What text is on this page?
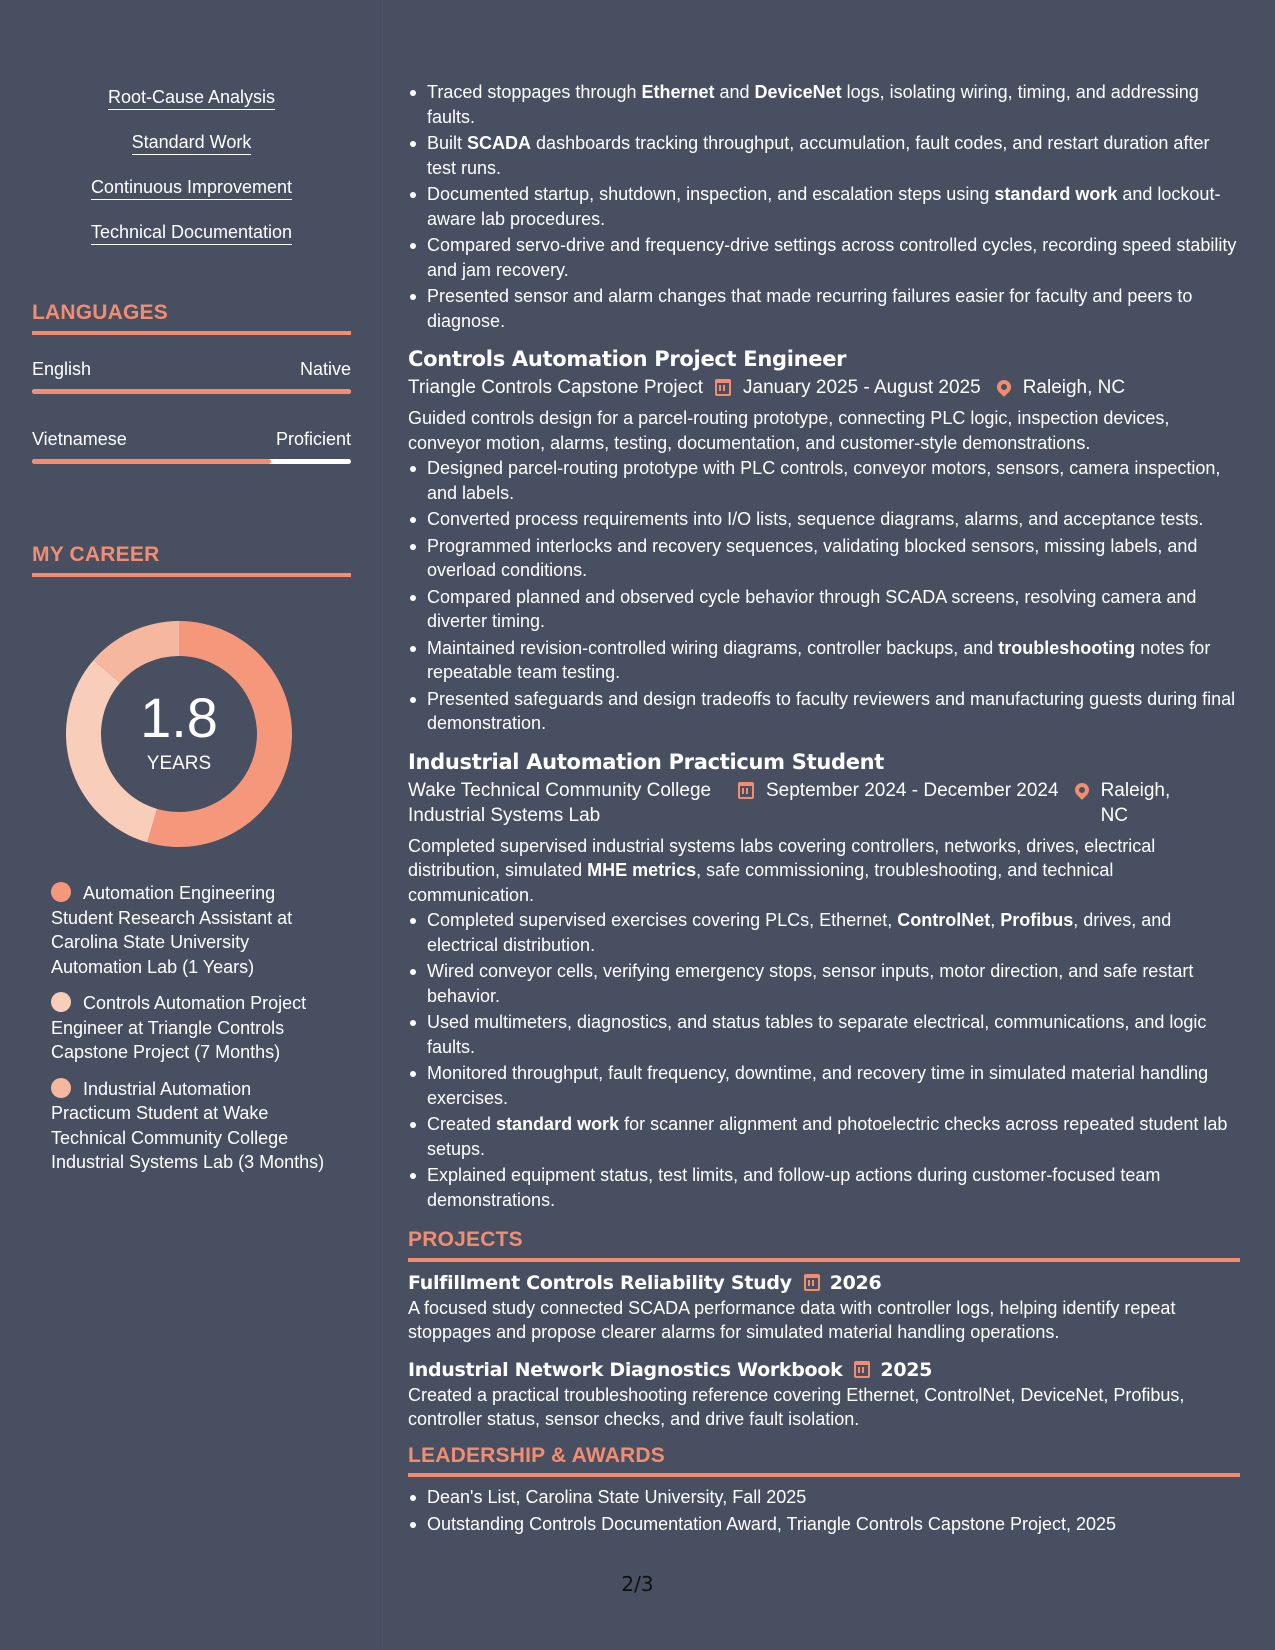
Root-Cause Analysis
Standard Work
Continuous Improvement
Technical Documentation
LANGUAGES
English	Native
Vietnamese	Proficient
MY CAREER
1.8
YEARS
Automation Engineering Student Research Assistant at Carolina State University Automation Lab (1 Years)
Controls Automation Project Engineer at Triangle Controls Capstone Project (7 Months)
Industrial Automation Practicum Student at Wake Technical Community College Industrial Systems Lab (3 Months)
Traced stoppages through Ethernet and DeviceNet logs, isolating wiring, timing, and addressing faults.
Built SCADA dashboards tracking throughput, accumulation, fault codes, and restart duration after test runs.
Documented startup, shutdown, inspection, and escalation steps using standard work and lockout-aware lab procedures.
Compared servo-drive and frequency-drive settings across controlled cycles, recording speed stability and jam recovery.
Presented sensor and alarm changes that made recurring failures easier for faculty and peers to diagnose.
Controls Automation Project Engineer
Triangle Controls Capstone Project January 2025 - August 2025 Raleigh, NC
Guided controls design for a parcel-routing prototype, connecting PLC logic, inspection devices, conveyor motion, alarms, testing, documentation, and customer-style demonstrations.
Designed parcel-routing prototype with PLC controls, conveyor motors, sensors, camera inspection, and labels.
Converted process requirements into I/O lists, sequence diagrams, alarms, and acceptance tests.
Programmed interlocks and recovery sequences, validating blocked sensors, missing labels, and overload conditions.
Compared planned and observed cycle behavior through SCADA screens, resolving camera and diverter timing.
Maintained revision-controlled wiring diagrams, controller backups, and troubleshooting notes for repeatable team testing.
Presented safeguards and design tradeoffs to faculty reviewers and manufacturing guests during final demonstration.
Industrial Automation Practicum Student
Wake Technical Community College Industrial Systems Lab
September 2024 - December 2024 Raleigh, NC
Completed supervised industrial systems labs covering controllers, networks, drives, electrical distribution, simulated MHE metrics, safe commissioning, troubleshooting, and technical communication.
Completed supervised exercises covering PLCs, Ethernet, ControlNet, Profibus, drives, and electrical distribution.
Wired conveyor cells, verifying emergency stops, sensor inputs, motor direction, and safe restart behavior.
Used multimeters, diagnostics, and status tables to separate electrical, communications, and logic faults.
Monitored throughput, fault frequency, downtime, and recovery time in simulated material handling exercises.
Created standard work for scanner alignment and photoelectric checks across repeated student lab setups.
Explained equipment status, test limits, and follow-up actions during customer-focused team demonstrations.
PROJECTS
Fulfillment Controls Reliability Study 2026
A focused study connected SCADA performance data with controller logs, helping identify repeat stoppages and propose clearer alarms for simulated material handling operations.
Industrial Network Diagnostics Workbook 2025
Created a practical troubleshooting reference covering Ethernet, ControlNet, DeviceNet, Profibus, controller status, sensor checks, and drive fault isolation.
LEADERSHIP & AWARDS
Dean's List, Carolina State University, Fall 2025
Outstanding Controls Documentation Award, Triangle Controls Capstone Project, 2025
2/3
